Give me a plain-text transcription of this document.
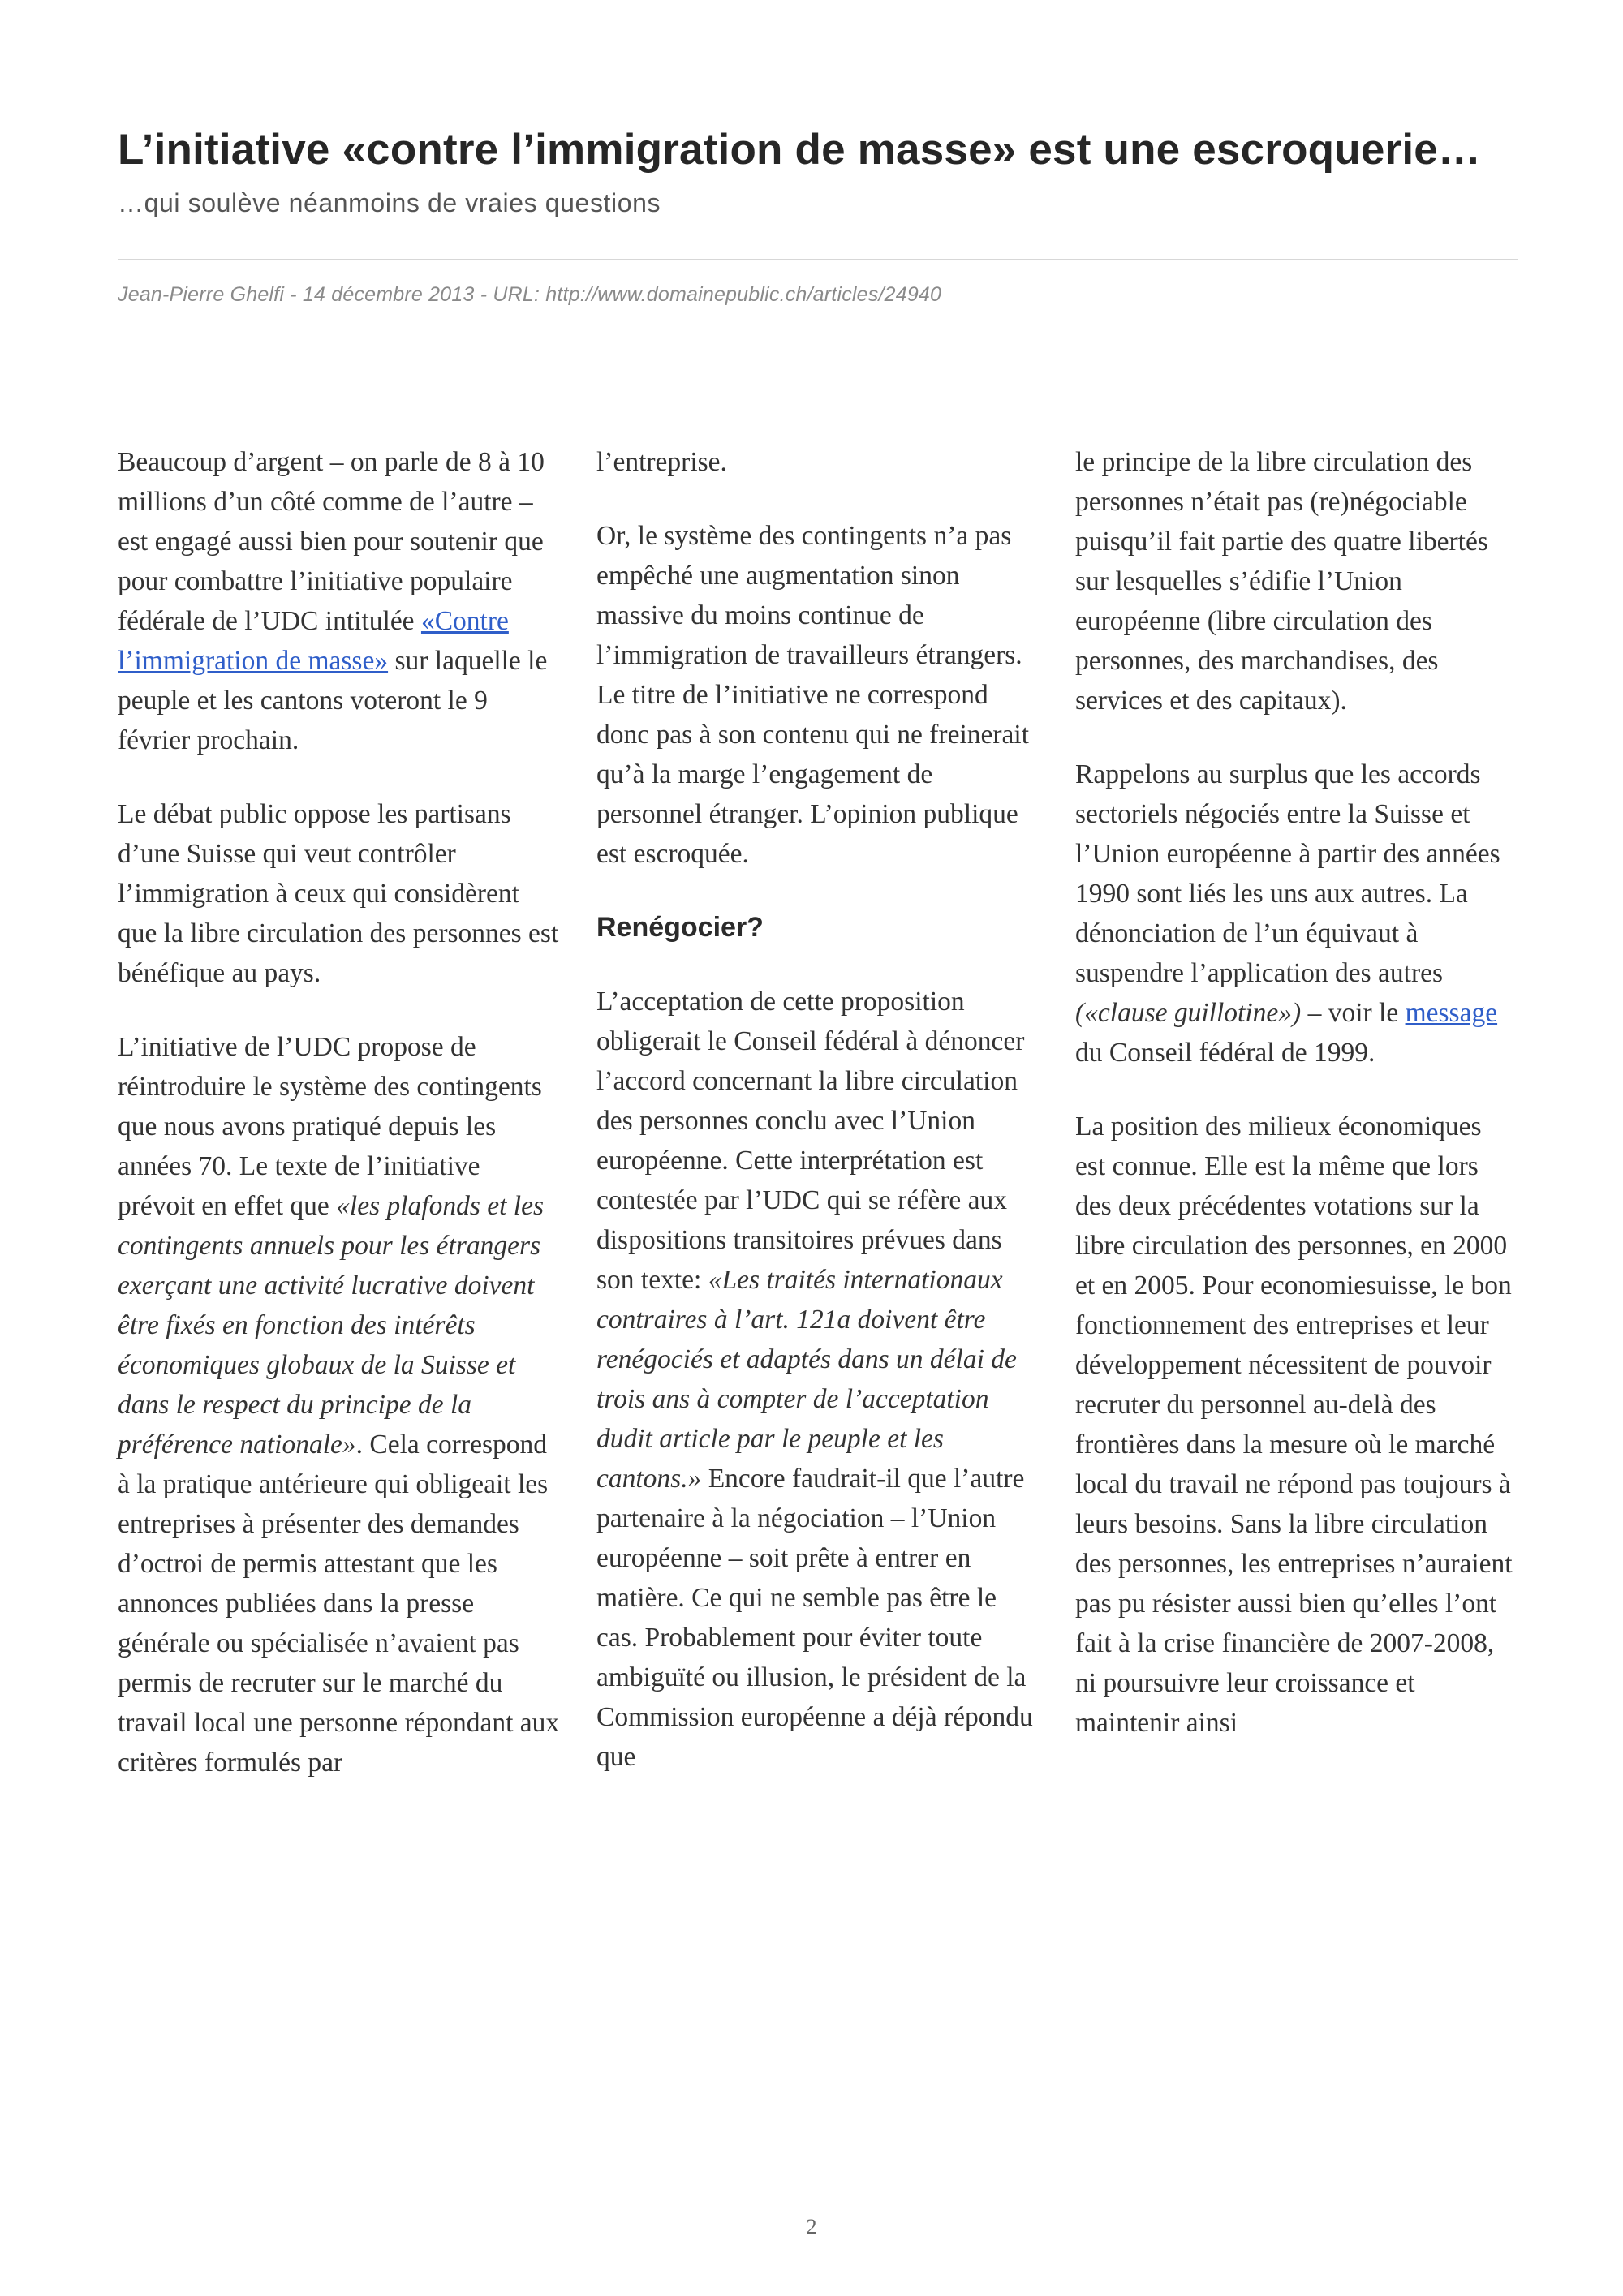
L’initiative «contre l’immigration de masse» est une escroquerie…
…qui soulève néanmoins de vraies questions
Jean-Pierre Ghelfi - 14 décembre 2013 - URL: http://www.domainepublic.ch/articles/24940

Beaucoup d’argent – on parle de 8 à 10 millions d’un côté comme de l’autre – est engagé aussi bien pour soutenir que pour combattre l’initiative populaire fédérale de l’UDC intitulée «Contre l’immigration de masse» sur laquelle le peuple et les cantons voteront le 9 février prochain.

Le débat public oppose les partisans d’une Suisse qui veut contrôler l’immigration à ceux qui considèrent que la libre circulation des personnes est bénéfique au pays.

L’initiative de l’UDC propose de réintroduire le système des contingents que nous avons pratiqué depuis les années 70. Le texte de l’initiative prévoit en effet que «les plafonds et les contingents annuels pour les étrangers exerçant une activité lucrative doivent être fixés en fonction des intérêts économiques globaux de la Suisse et dans le respect du principe de la préférence nationale». Cela correspond à la pratique antérieure qui obligeait les entreprises à présenter des demandes d’octroi de permis attestant que les annonces publiées dans la presse générale ou spécialisée n’avaient pas permis de recruter sur le marché du travail local une personne répondant aux critères formulés par

l’entreprise.

Or, le système des contingents n’a pas empêché une augmentation sinon massive du moins continue de l’immigration de travailleurs étrangers. Le titre de l’initiative ne correspond donc pas à son contenu qui ne freinerait qu’à la marge l’engagement de personnel étranger. L’opinion publique est escroquée.

Renégocier?

L’acceptation de cette proposition obligerait le Conseil fédéral à dénoncer l’accord concernant la libre circulation des personnes conclu avec l’Union européenne. Cette interprétation est contestée par l’UDC qui se réfère aux dispositions transitoires prévues dans son texte: «Les traités internationaux contraires à l’art. 121a doivent être renégociés et adaptés dans un délai de trois ans à compter de l’acceptation dudit article par le peuple et les cantons.» Encore faudrait-il que l’autre partenaire à la négociation – l’Union européenne – soit prête à entrer en matière. Ce qui ne semble pas être le cas. Probablement pour éviter toute ambiguïté ou illusion, le président de la Commission européenne a déjà répondu que

le principe de la libre circulation des personnes n’était pas (re)négociable puisqu’il fait partie des quatre libertés sur lesquelles s’édifie l’Union européenne (libre circulation des personnes, des marchandises, des services et des capitaux).

Rappelons au surplus que les accords sectoriels négociés entre la Suisse et l’Union européenne à partir des années 1990 sont liés les uns aux autres. La dénonciation de l’un équivaut à suspendre l’application des autres («clause guillotine») – voir le message du Conseil fédéral de 1999.

La position des milieux économiques est connue. Elle est la même que lors des deux précédentes votations sur la libre circulation des personnes, en 2000 et en 2005. Pour economiesuisse, le bon fonctionnement des entreprises et leur développement nécessitent de pouvoir recruter du personnel au-delà des frontières dans la mesure où le marché local du travail ne répond pas toujours à leurs besoins. Sans la libre circulation des personnes, les entreprises n’auraient pas pu résister aussi bien qu’elles l’ont fait à la crise financière de 2007-2008, ni poursuivre leur croissance et maintenir ainsi

2
